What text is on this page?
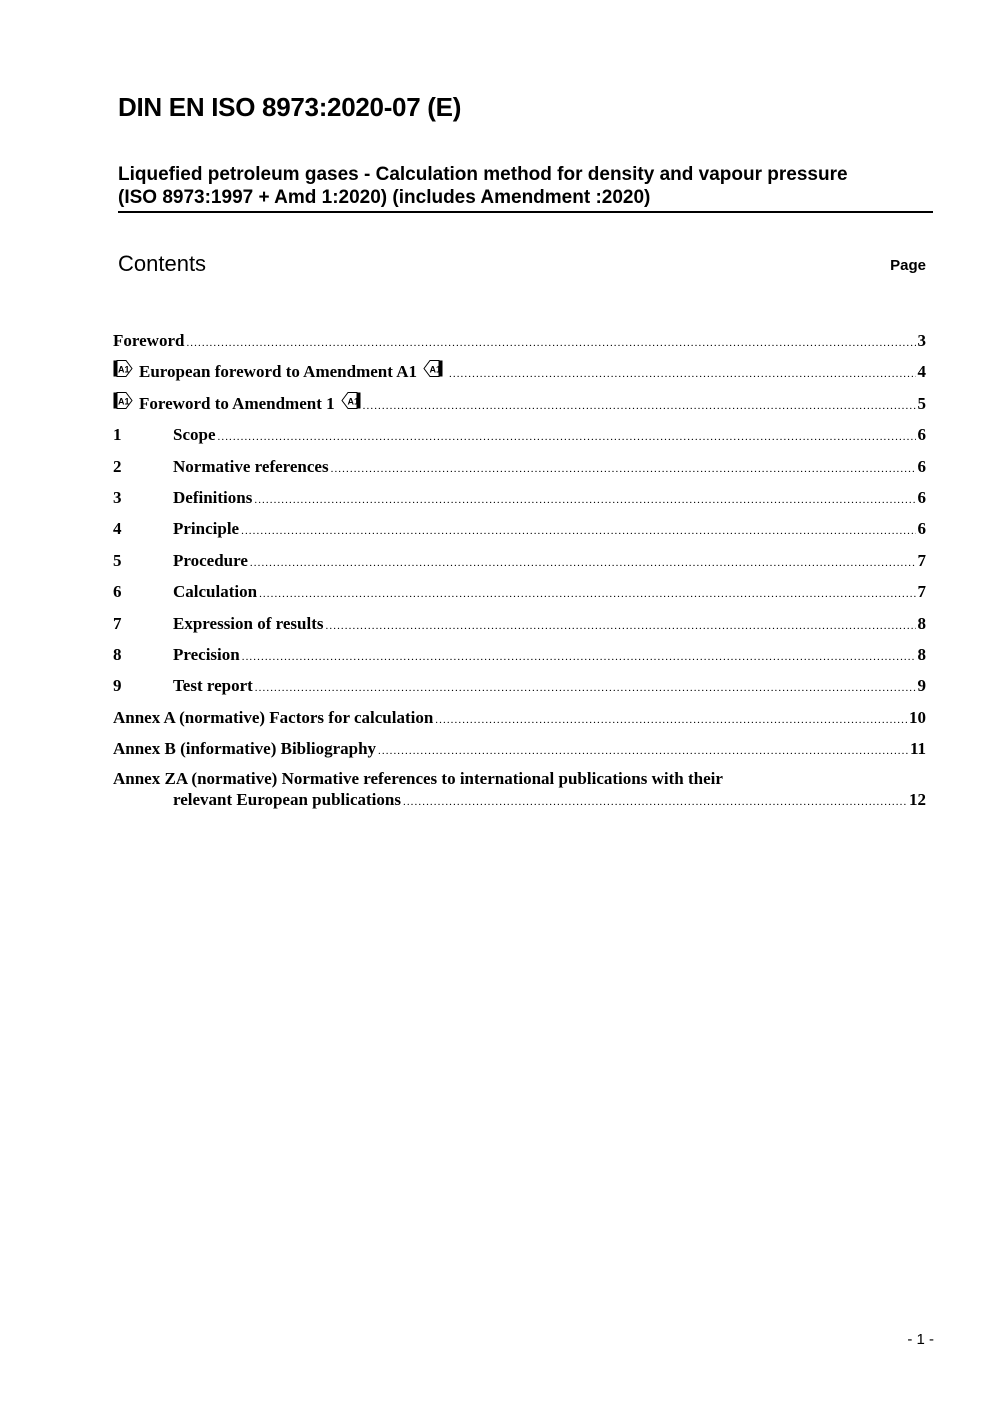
DIN EN ISO 8973:2020-07 (E)
Liquefied petroleum gases - Calculation method for density and vapour pressure
(ISO 8973:1997 + Amd 1:2020) (includes Amendment :2020)
Contents	Page
Foreword .....	3
A1 European foreword to Amendment A1 A1 .....	4
A1 Foreword to Amendment 1 A1 .....	5
1	Scope .....	6
2	Normative references .....	6
3	Definitions .....	6
4	Principle .....	6
5	Procedure .....	7
6	Calculation .....	7
7	Expression of results .....	8
8	Precision .....	8
9	Test report .....	9
Annex A (normative) Factors for calculation .....	10
Annex B (informative) Bibliography .....	11
Annex ZA (normative) Normative references to international publications with their
relevant European publications .....	12
- 1 -
